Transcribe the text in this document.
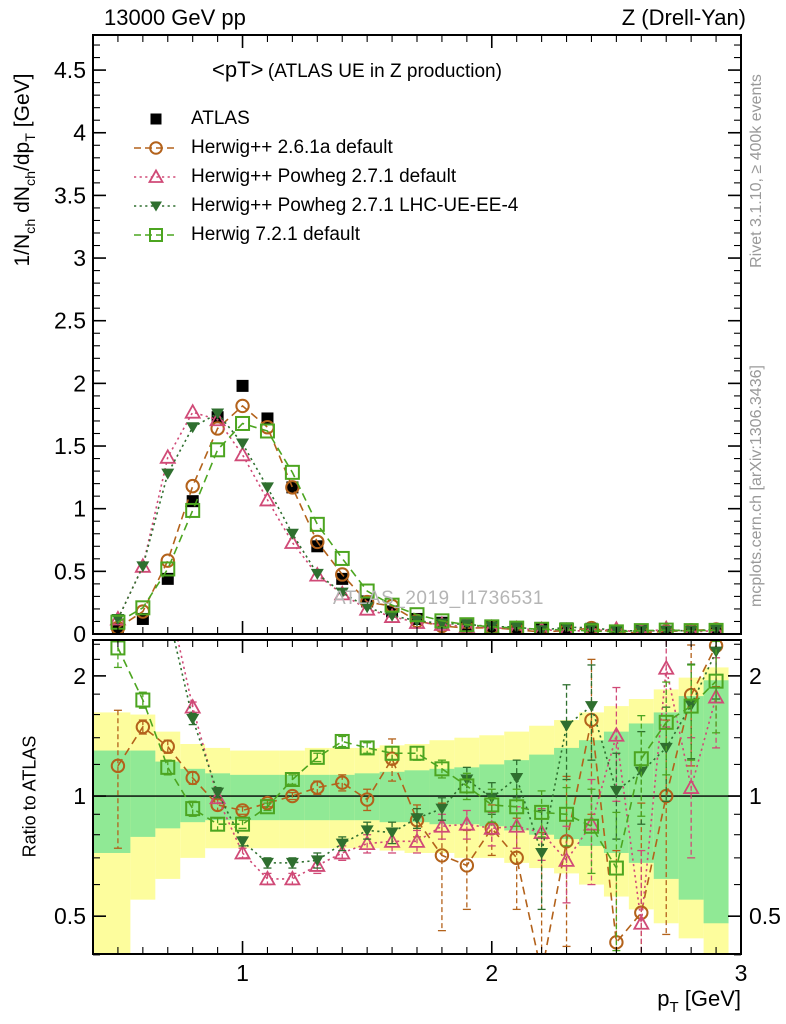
0
0.5
1
1.5
2
2.5
3
3.5
4
4.5
0.5	0.5
1	1
2	2
1	2	3
13000 GeV pp	Z (Drell-Yan)
<pT> (ATLAS UE in Z production)
ATLAS
Herwig++ 2.6.1a default
Herwig++ Powheg 2.7.1 default
Herwig++ Powheg 2.7.1 LHC-UE-EE-4
Herwig 7.2.1 default
$1/N_{ch}$ $dN_{ch}/dp_T$ [GeV]
Ratio to ATLAS
Rivet 3.1.10, ≥ 400k events
mcplots.cern.ch [arXiv:1306.3436]
ATLAS_2019_I1736531
$p_T$ [GeV]
